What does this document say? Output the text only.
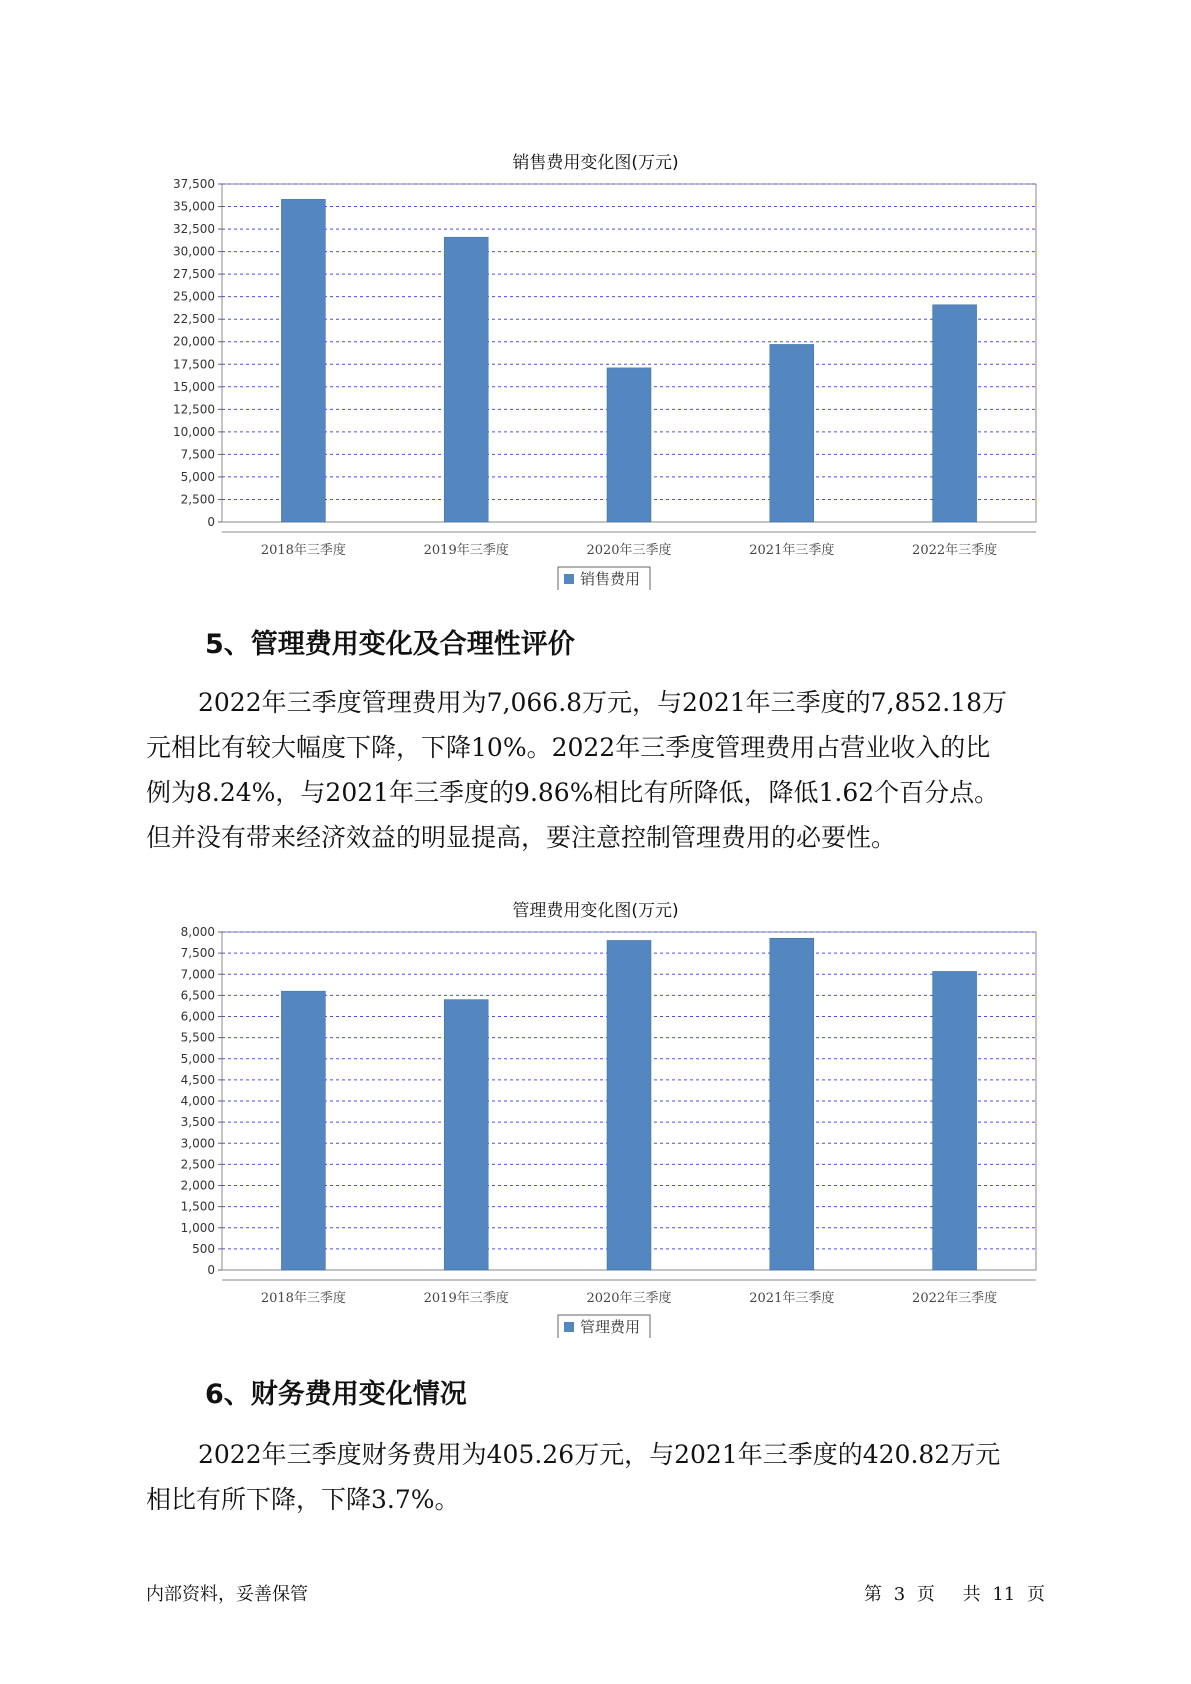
销售费用变化图(万元)
0
2,500
5,000
7,500
10,000
12,500
15,000
17,500
20,000
22,500
25,000
27,500
30,000
32,500
35,000
37,500
2018年三季度	2019年三季度	2020年三季度	2021年三季度	2022年三季度
销售费用
5、管理费用变化及合理性评价
2022年三季度管理费用为7,066.8万元，与2021年三季度的7,852.18万
元相比有较大幅度下降，下降10%。2022年三季度管理费用占营业收入的比
例为8.24%，与2021年三季度的9.86%相比有所降低，降低1.62个百分点。
但并没有带来经济效益的明显提高，要注意控制管理费用的必要性。
管理费用变化图(万元)
0
500
1,000
1,500
2,000
2,500
3,000
3,500
4,000
4,500
5,000
5,500
6,000
6,500
7,000
7,500
8,000
2018年三季度	2019年三季度	2020年三季度	2021年三季度	2022年三季度
管理费用
6、财务费用变化情况
2022年三季度财务费用为405.26万元，与2021年三季度的420.82万元
相比有所下降，下降3.7%。
内部资料，妥善保管	第 3 页 共 11 页
